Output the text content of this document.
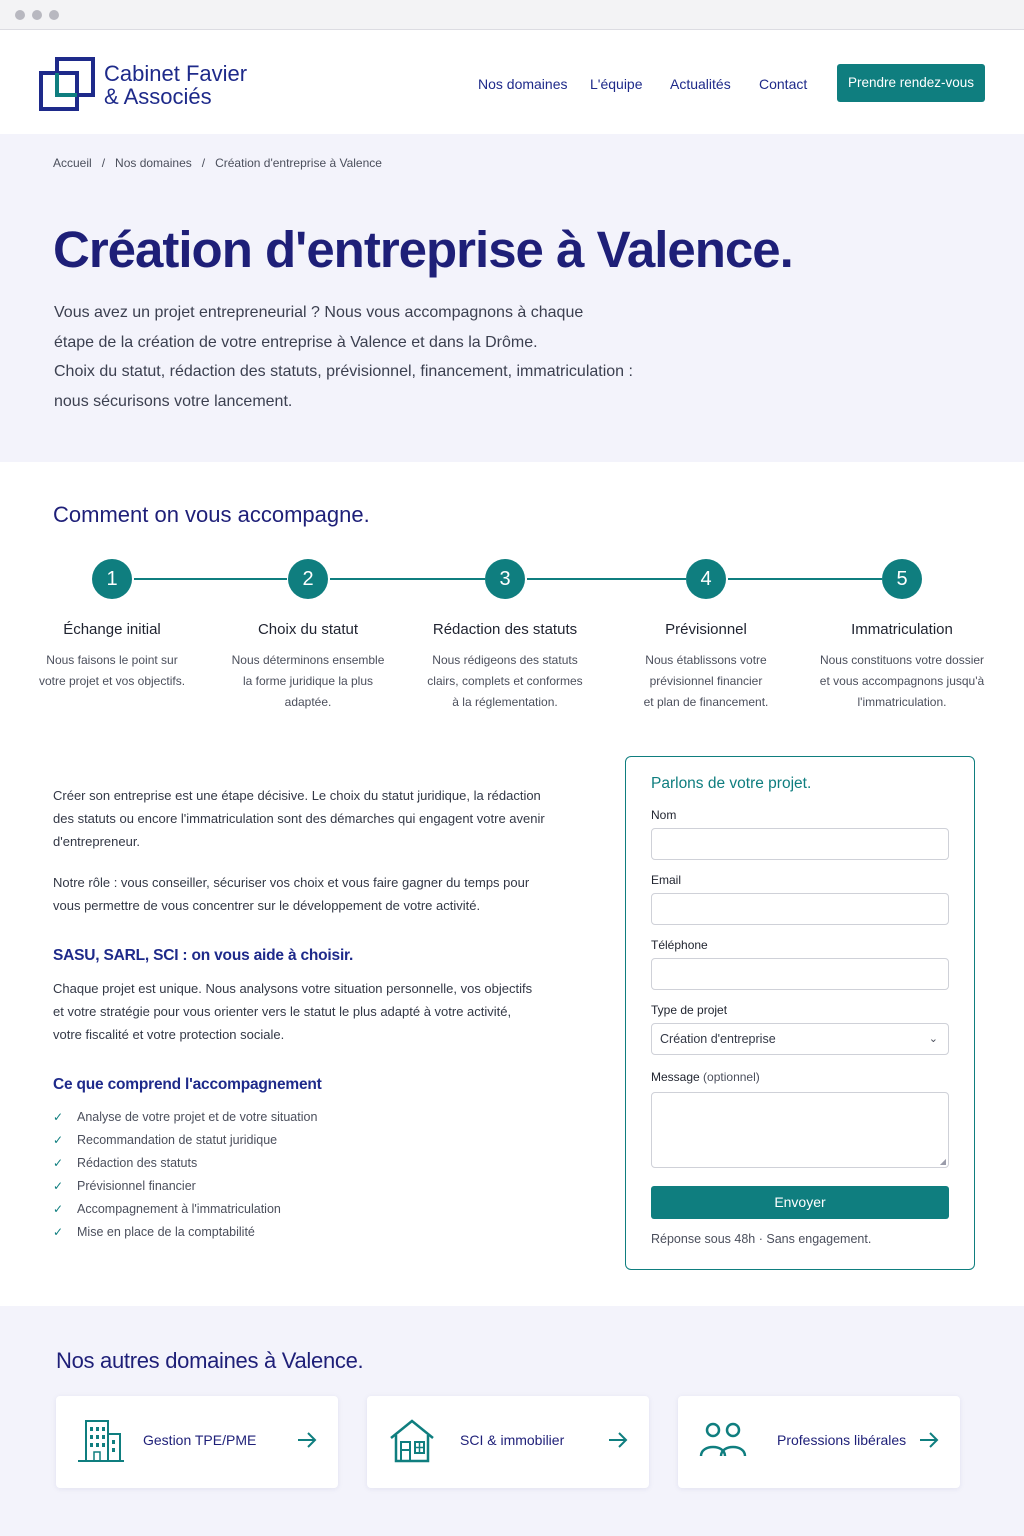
Cabinet Favier
& Associés	Nos domaines L'équipe Actualités Contact	Prendre rendez-vous
Accueil / Nos domaines / Création d'entreprise à Valence
Création d'entreprise à Valence.
Vous avez un projet entrepreneurial ? Nous vous accompagnons à chaque
étape de la création de votre entreprise à Valence et dans la Drôme.
Choix du statut, rédaction des statuts, prévisionnel, financement, immatriculation :
nous sécurisons votre lancement.
Comment on vous accompagne.
1
Échange initial
Nous faisons le point sur
votre projet et vos objectifs.
2
Choix du statut
Nous déterminons ensemble
la forme juridique la plus
adaptée.
3
Rédaction des statuts
Nous rédigeons des statuts
clairs, complets et conformes
à la réglementation.
4
Prévisionnel
Nous établissons votre
prévisionnel financier
et plan de financement.
5
Immatriculation
Nous constituons votre dossier
et vous accompagnons jusqu'à
l'immatriculation.

Créer son entreprise est une étape décisive. Le choix du statut juridique, la rédaction
des statuts ou encore l'immatriculation sont des démarches qui engagent votre avenir
d'entrepreneur.

Notre rôle : vous conseiller, sécuriser vos choix et vous faire gagner du temps pour
vous permettre de vous concentrer sur le développement de votre activité.

SASU, SARL, SCI : on vous aide à choisir.

Chaque projet est unique. Nous analysons votre situation personnelle, vos objectifs
et votre stratégie pour vous orienter vers le statut le plus adapté à votre activité,
votre fiscalité et votre protection sociale.

Ce que comprend l'accompagnement
✓ Analyse de votre projet et de votre situation
✓ Recommandation de statut juridique
✓ Rédaction des statuts
✓ Prévisionnel financier
✓ Accompagnement à l'immatriculation
✓ Mise en place de la comptabilité
Parlons de votre projet.
Nom
Email
Téléphone
Type de projet
Création d'entreprise	⌄
Message (optionnel)
◢
Envoyer
Réponse sous 48h · Sans engagement.
Nos autres domaines à Valence.
Gestion TPE/PME	SCI & immobilier	Professions libérales
